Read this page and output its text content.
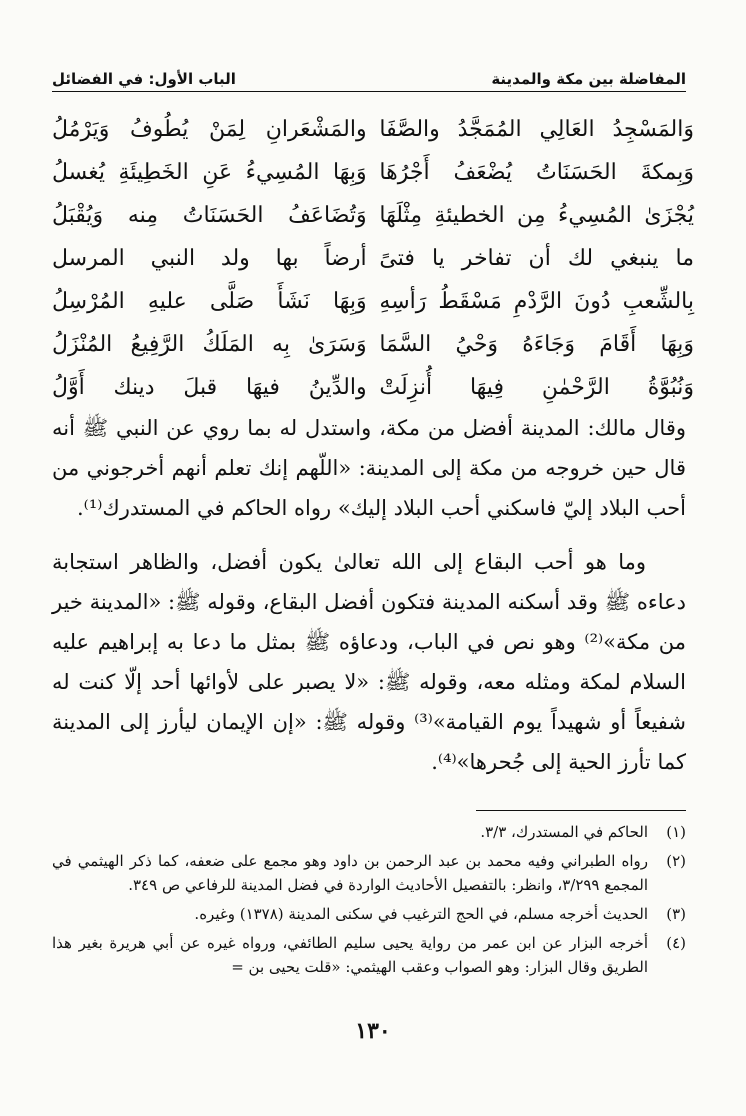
المفاضلة بين مكة والمدينة
الباب الأول: في الفضائل
وَالمَسْجِدُ العَالِي المُمَجَّدُ والصَّفَا
والمَشْعَرانِ لِمَنْ يُطُوفُ وَيَرْمُلُ
وَبِمكةَ الحَسَنَاتُ يُضْعَفُ أَجْرُهَا
وَبِهَا المُسِيءُ عَنِ الخَطِيئَةِ يُغسلُ
يُجْزَىٰ المُسِيءُ مِن الخطيئةِ مِثْلَهَا
وَتُضَاعَفُ الحَسَنَاتُ مِنه وَيُقْبَلُ
ما ينبغي لك أن تفاخر يا فتىً
أرضاً بها ولد النبي المرسل
بِالشِّعبِ دُونَ الرَّدْمِ مَسْقَطُ رَأسِهِ
وَبِهَا نَشَأَ صَلَّى عليهِ المُرْسِلُ
وَبِهَا أَقَامَ وَجَاءَهُ وَحْيُ السَّمَا
وَسَرَىٰ بِه المَلَكُ الرَّفِيعُ المُنْزَلُ
وَنُبُوَّةُ الرَّحْمٰنِ فِيهَا أُنزِلَتْ
والدِّينُ فيهَا قبلَ دينك أَوَّلُ

وقال مالك: المدينة أفضل من مكة، واستدل له بما روي عن النبي ﷺ أنه قال حين خروجه من مكة إلى المدينة: «اللّهم إنك تعلم أنهم أخرجوني من أحب البلاد إليّ فاسكني أحب البلاد إليك» رواه الحاكم في المستدرك⁽¹⁾.

وما هو أحب البقاع إلى الله تعالىٰ يكون أفضل، والظاهر استجابة دعاءه ﷺ وقد أسكنه المدينة فتكون أفضل البقاع، وقوله ﷺ: «المدينة خير من مكة»⁽²⁾ وهو نص في الباب، ودعاؤه ﷺ بمثل ما دعا به إبراهيم عليه السلام لمكة ومثله معه، وقوله ﷺ: «لا يصبر على لأوائها أحد إلّا كنت له شفيعاً أو شهيداً يوم القيامة»⁽³⁾ وقوله ﷺ: «إن الإيمان ليأرز إلى المدينة كما تأرز الحية إلى جُحرها»⁽⁴⁾.

(١)
الحاكم في المستدرك، ٣/٣.
(٢)
رواه الطبراني وفيه محمد بن عبد الرحمن بن داود وهو مجمع على ضعفه، كما ذكر الهيثمي في المجمع ٣/٢٩٩، وانظر: بالتفصيل الأحاديث الواردة في فضل المدينة للرفاعي ص ٣٤٩.
(٣)
الحديث أخرجه مسلم، في الحج الترغيب في سكنى المدينة (١٣٧٨) وغيره.
(٤)
أخرجه البزار عن ابن عمر من رواية يحيى سليم الطائفي، ورواه غيره عن أبي هريرة بغير هذا الطريق وقال البزار: وهو الصواب وعقب الهيثمي: «قلت يحيى بن =
١٣٠
